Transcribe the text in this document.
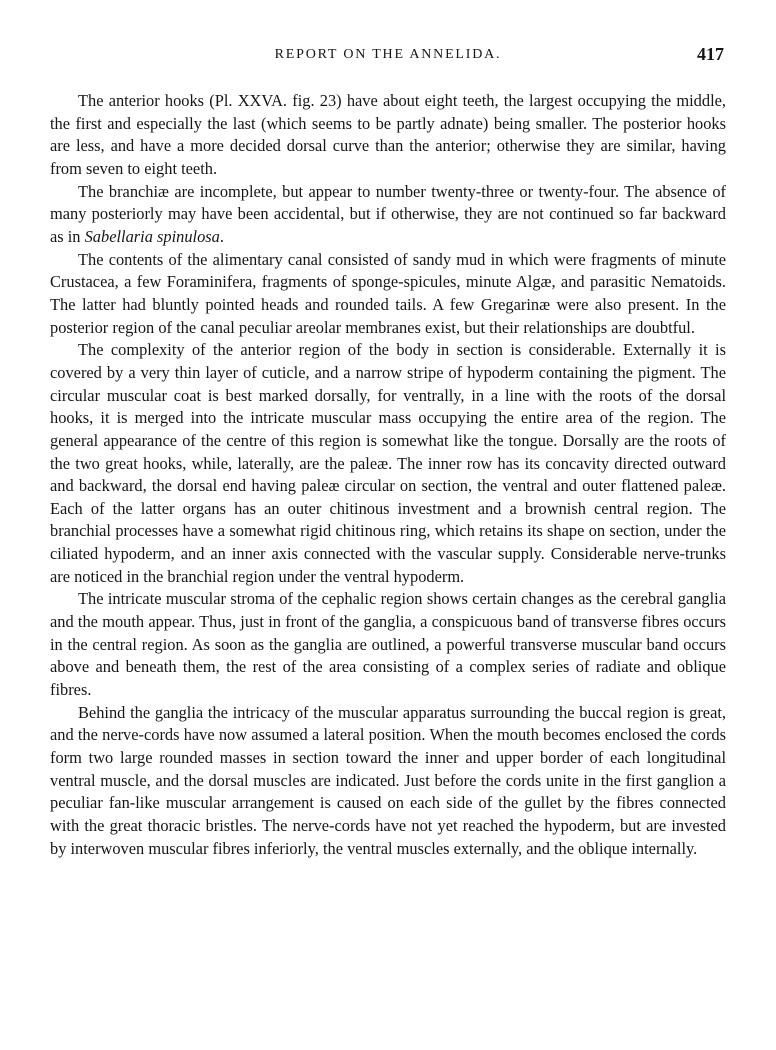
REPORT ON THE ANNELIDA.	417

The anterior hooks (Pl. XXVA. fig. 23) have about eight teeth, the largest occupying the middle, the first and especially the last (which seems to be partly adnate) being smaller. The posterior hooks are less, and have a more decided dorsal curve than the anterior; otherwise they are similar, having from seven to eight teeth.

The branchiæ are incomplete, but appear to number twenty-three or twenty-four. The absence of many posteriorly may have been accidental, but if otherwise, they are not continued so far backward as in Sabellaria spinulosa.

The contents of the alimentary canal consisted of sandy mud in which were fragments of minute Crustacea, a few Foraminifera, fragments of sponge-spicules, minute Algæ, and parasitic Nematoids. The latter had bluntly pointed heads and rounded tails. A few Gregarinæ were also present. In the posterior region of the canal peculiar areolar membranes exist, but their relationships are doubtful.

The complexity of the anterior region of the body in section is considerable. Externally it is covered by a very thin layer of cuticle, and a narrow stripe of hypoderm containing the pigment. The circular muscular coat is best marked dorsally, for ventrally, in a line with the roots of the dorsal hooks, it is merged into the intricate muscular mass occupying the entire area of the region. The general appearance of the centre of this region is somewhat like the tongue. Dorsally are the roots of the two great hooks, while, laterally, are the paleæ. The inner row has its concavity directed outward and backward, the dorsal end having paleæ circular on section, the ventral and outer flattened paleæ. Each of the latter organs has an outer chitinous investment and a brownish central region. The branchial processes have a somewhat rigid chitinous ring, which retains its shape on section, under the ciliated hypoderm, and an inner axis connected with the vascular supply. Considerable nerve-trunks are noticed in the branchial region under the ventral hypoderm.

The intricate muscular stroma of the cephalic region shows certain changes as the cerebral ganglia and the mouth appear. Thus, just in front of the ganglia, a conspicuous band of transverse fibres occurs in the central region. As soon as the ganglia are outlined, a powerful transverse muscular band occurs above and beneath them, the rest of the area consisting of a complex series of radiate and oblique fibres.

Behind the ganglia the intricacy of the muscular apparatus surrounding the buccal region is great, and the nerve-cords have now assumed a lateral position. When the mouth becomes enclosed the cords form two large rounded masses in section toward the inner and upper border of each longitudinal ventral muscle, and the dorsal muscles are indicated. Just before the cords unite in the first ganglion a peculiar fan-like muscular arrangement is caused on each side of the gullet by the fibres connected with the great thoracic bristles. The nerve-cords have not yet reached the hypoderm, but are invested by interwoven muscular fibres inferiorly, the ventral muscles externally, and the oblique internally.
